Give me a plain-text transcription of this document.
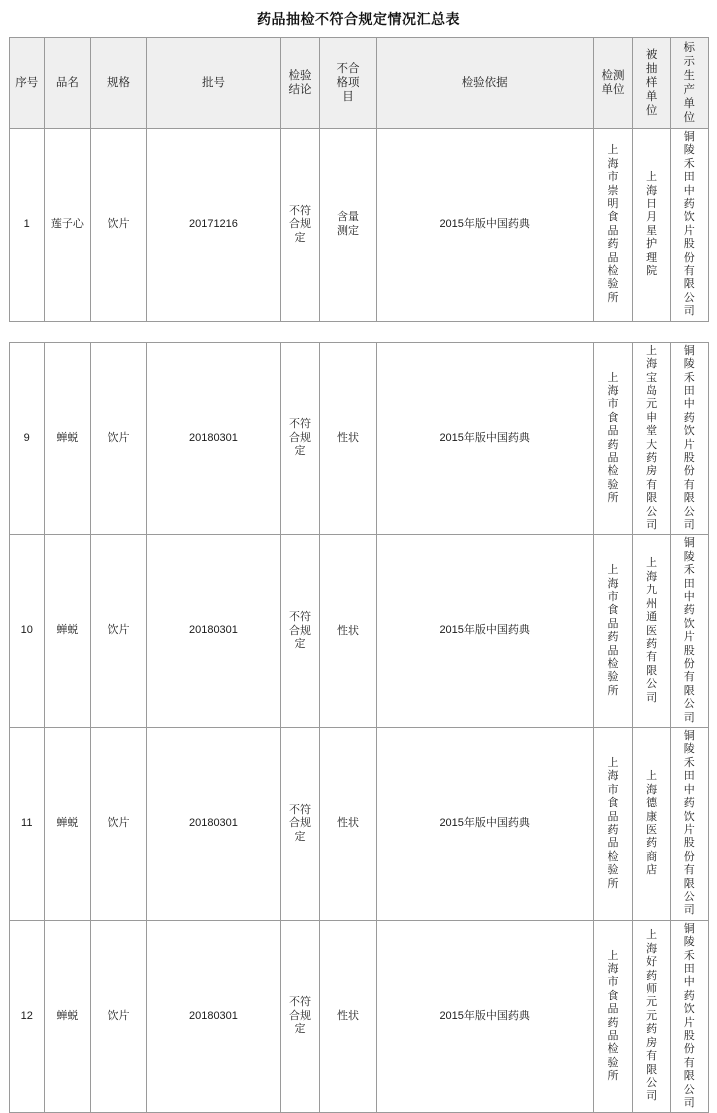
药品抽检不符合规定情况汇总表
序号	品名	规格	批号	检验结论	不合格项目	检验依据	检测单位	被抽样单位	标示生产单位

1	莲子心	饮片	20171216	不符合规定	含量测定	2015年版中国药典	上海市崇明食品药品检验所	上海日月星护理院	铜陵禾田中药饮片股份有限公司

9	蝉蜕	饮片	20180301	不符合规定	性状	2015年版中国药典	上海市食品药品检验所	上海宝岛元申堂大药房有限公司	铜陵禾田中药饮片股份有限公司

10	蝉蜕	饮片	20180301	不符合规定	性状	2015年版中国药典	上海市食品药品检验所	上海九州通医药有限公司	铜陵禾田中药饮片股份有限公司

11	蝉蜕	饮片	20180301	不符合规定	性状	2015年版中国药典	上海市食品药品检验所	上海德康医药商店	铜陵禾田中药饮片股份有限公司

12	蝉蜕	饮片	20180301	不符合规定	性状	2015年版中国药典	上海市食品药品检验所	上海好药师元元药房有限公司	铜陵禾田中药饮片股份有限公司
